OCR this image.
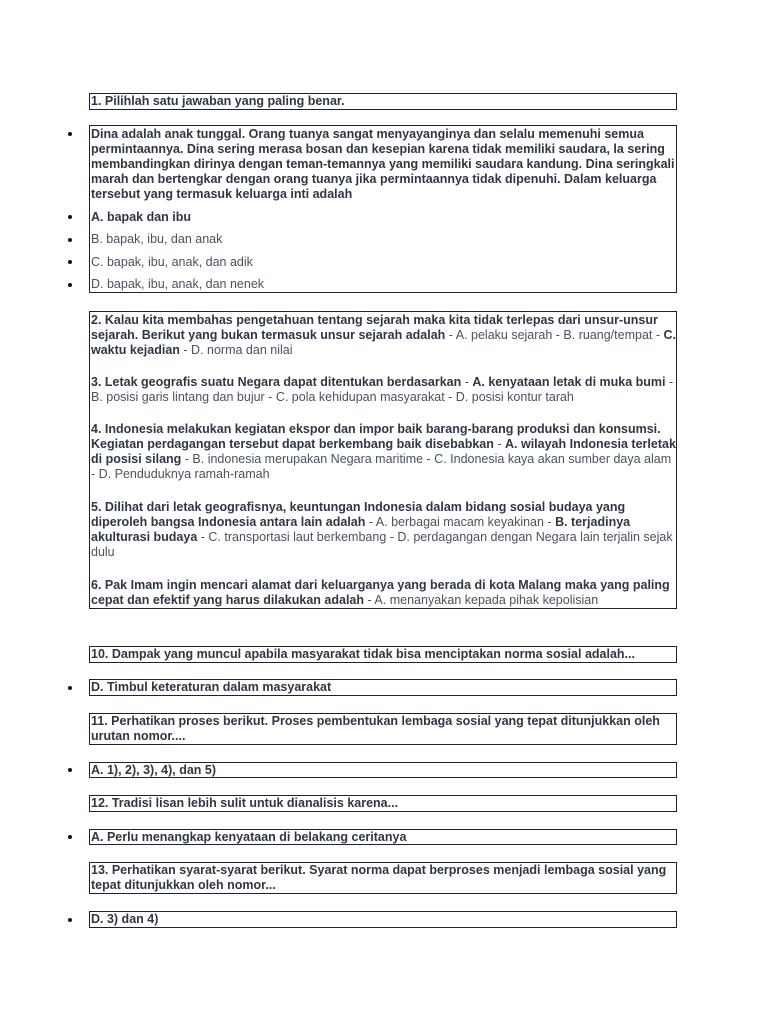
1. Pilihlah satu jawaban yang paling benar.

Dina adalah anak tunggal. Orang tuanya sangat menyayanginya dan selalu memenuhi semua permintaannya. Dina sering merasa bosan dan kesepian karena tidak memiliki saudara, la sering membandingkan dirinya dengan teman-temannya yang memiliki saudara kandung. Dina seringkali marah dan bertengkar dengan orang tuanya jika permintaannya tidak dipenuhi. Dalam keluarga tersebut yang termasuk keluarga inti adalah

A. bapak dan ibu
B. bapak, ibu, dan anak
C. bapak, ibu, anak, dan adik
D. bapak, ibu, anak, dan nenek

2. Kalau kita membahas pengetahuan tentang sejarah maka kita tidak terlepas dari unsur-unsur sejarah. Berikut yang bukan termasuk unsur sejarah adalah - A. pelaku sejarah - B. ruang/tempat - C. waktu kejadian - D. norma dan nilai

3. Letak geografis suatu Negara dapat ditentukan berdasarkan - A. kenyataan letak di muka bumi - B. posisi garis lintang dan bujur - C. pola kehidupan masyarakat - D. posisi kontur tarah

4. Indonesia melakukan kegiatan ekspor dan impor baik barang-barang produksi dan konsumsi. Kegiatan perdagangan tersebut dapat berkembang baik disebabkan - A. wilayah Indonesia terletak di posisi silang - B. indonesia merupakan Negara maritime - C. Indonesia kaya akan sumber daya alam - D. Penduduknya ramah-ramah

5. Dilihat dari letak geografisnya, keuntungan Indonesia dalam bidang sosial budaya yang diperoleh bangsa Indonesia antara lain adalah - A. berbagai macam keyakinan - B. terjadinya akulturasi budaya - C. transportasi laut berkembang - D. perdagangan dengan Negara lain terjalin sejak dulu

6. Pak Imam ingin mencari alamat dari keluarganya yang berada di kota Malang maka yang paling cepat dan efektif yang harus dilakukan adalah - A. menanyakan kepada pihak kepolisian

10. Dampak yang muncul apabila masyarakat tidak bisa menciptakan norma sosial adalah...

D. Timbul keteraturan dalam masyarakat

11. Perhatikan proses berikut. Proses pembentukan lembaga sosial yang tepat ditunjukkan oleh urutan nomor....

A. 1), 2), 3), 4), dan 5)

12. Tradisi lisan lebih sulit untuk dianalisis karena...

A. Perlu menangkap kenyataan di belakang ceritanya

13. Perhatikan syarat-syarat berikut. Syarat norma dapat berproses menjadi lembaga sosial yang tepat ditunjukkan oleh nomor...

D. 3) dan 4)
